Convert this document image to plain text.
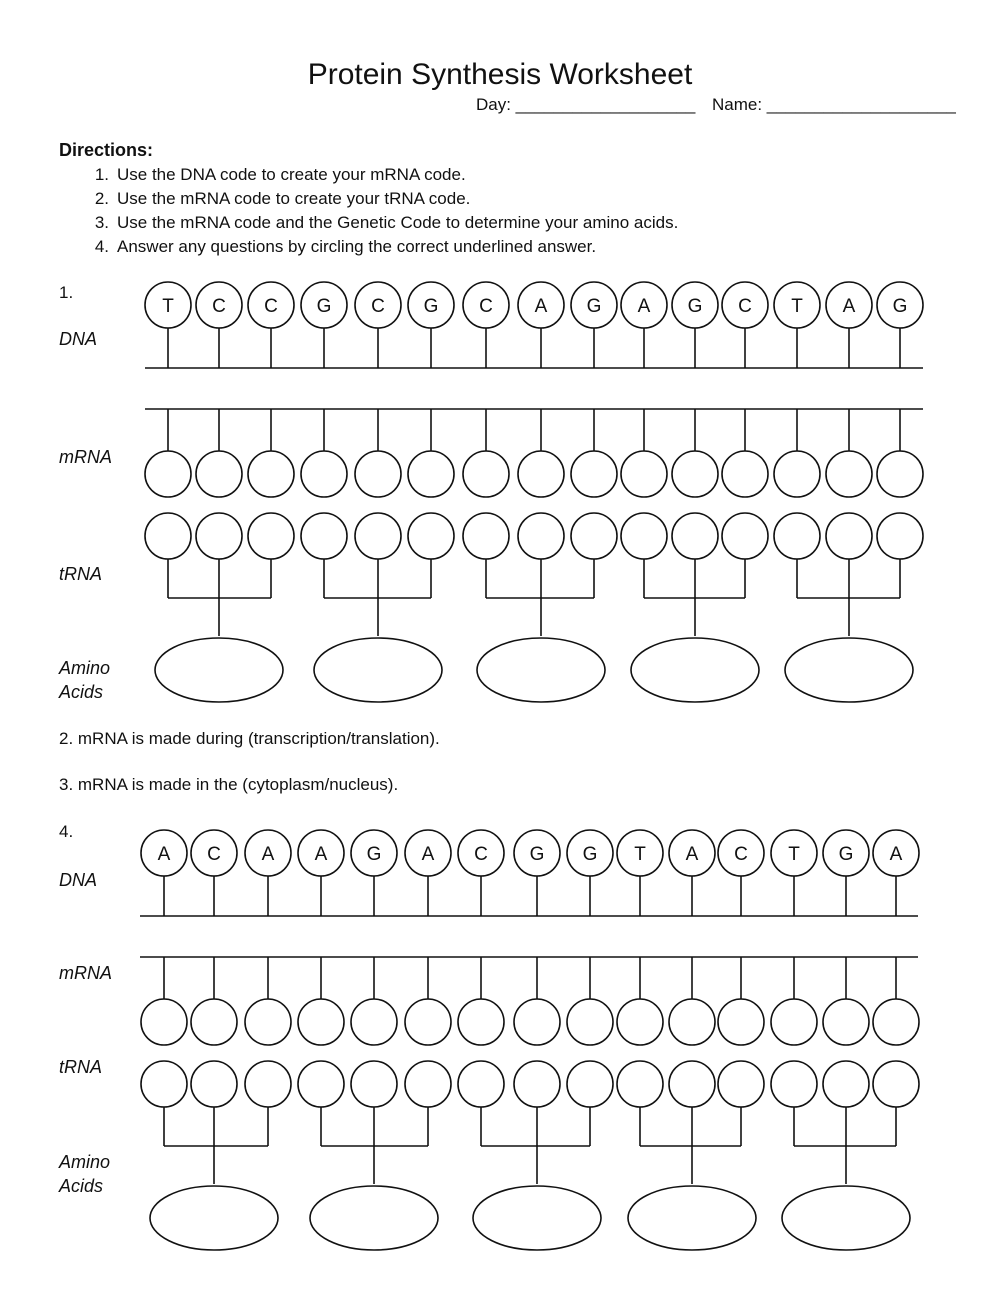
Protein Synthesis Worksheet
Day: ___________________ Name: ____________________
Directions:
1. Use the DNA code to create your mRNA code.
2. Use the mRNA code to create your tRNA code.
3. Use the mRNA code and the Genetic Code to determine your amino acids.
4. Answer any questions by circling the correct underlined answer.
1.
DNA
mRNA
tRNA
Amino
Acids
T C C G C G C A G A G C T A G
2. mRNA is made during (transcription/translation).
3. mRNA is made in the (cytoplasm/nucleus).
4.
DNA
mRNA
tRNA
Amino
Acids
A C A A G A C G G T A C T G A
